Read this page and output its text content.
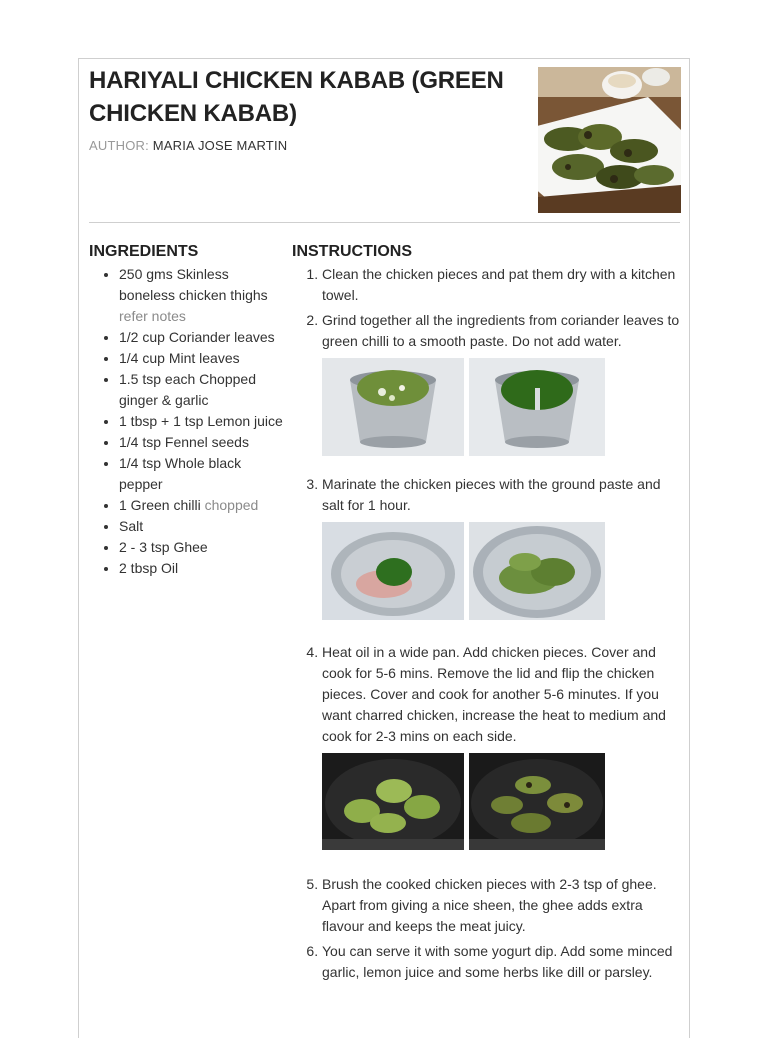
HARIYALI CHICKEN KABAB (GREEN CHICKEN KABAB)
AUTHOR: MARIA JOSE MARTIN
INGREDIENTS
• 250 gms Skinless boneless chicken thighs refer notes
• 1/2 cup Coriander leaves
• 1/4 cup Mint leaves
• 1.5 tsp each Chopped ginger & garlic
• 1 tbsp + 1 tsp Lemon juice
• 1/4 tsp Fennel seeds
• 1/4 tsp Whole black pepper
• 1 Green chilli chopped
• Salt
• 2 - 3 tsp Ghee
• 2 tbsp Oil
INSTRUCTIONS
1. Clean the chicken pieces and pat them dry with a kitchen towel.
2. Grind together all the ingredients from coriander leaves to green chilli to a smooth paste. Do not add water.
3. Marinate the chicken pieces with the ground paste and salt for 1 hour.
4. Heat oil in a wide pan. Add chicken pieces. Cover and cook for 5-6 mins. Remove the lid and flip the chicken pieces. Cover and cook for another 5-6 minutes. If you want charred chicken, increase the heat to medium and cook for 2-3 mins on each side.
5. Brush the cooked chicken pieces with 2-3 tsp of ghee. Apart from giving a nice sheen, the ghee adds extra flavour and keeps the meat juicy.
6. You can serve it with some yogurt dip. Add some minced garlic, lemon juice and some herbs like dill or parsley.
